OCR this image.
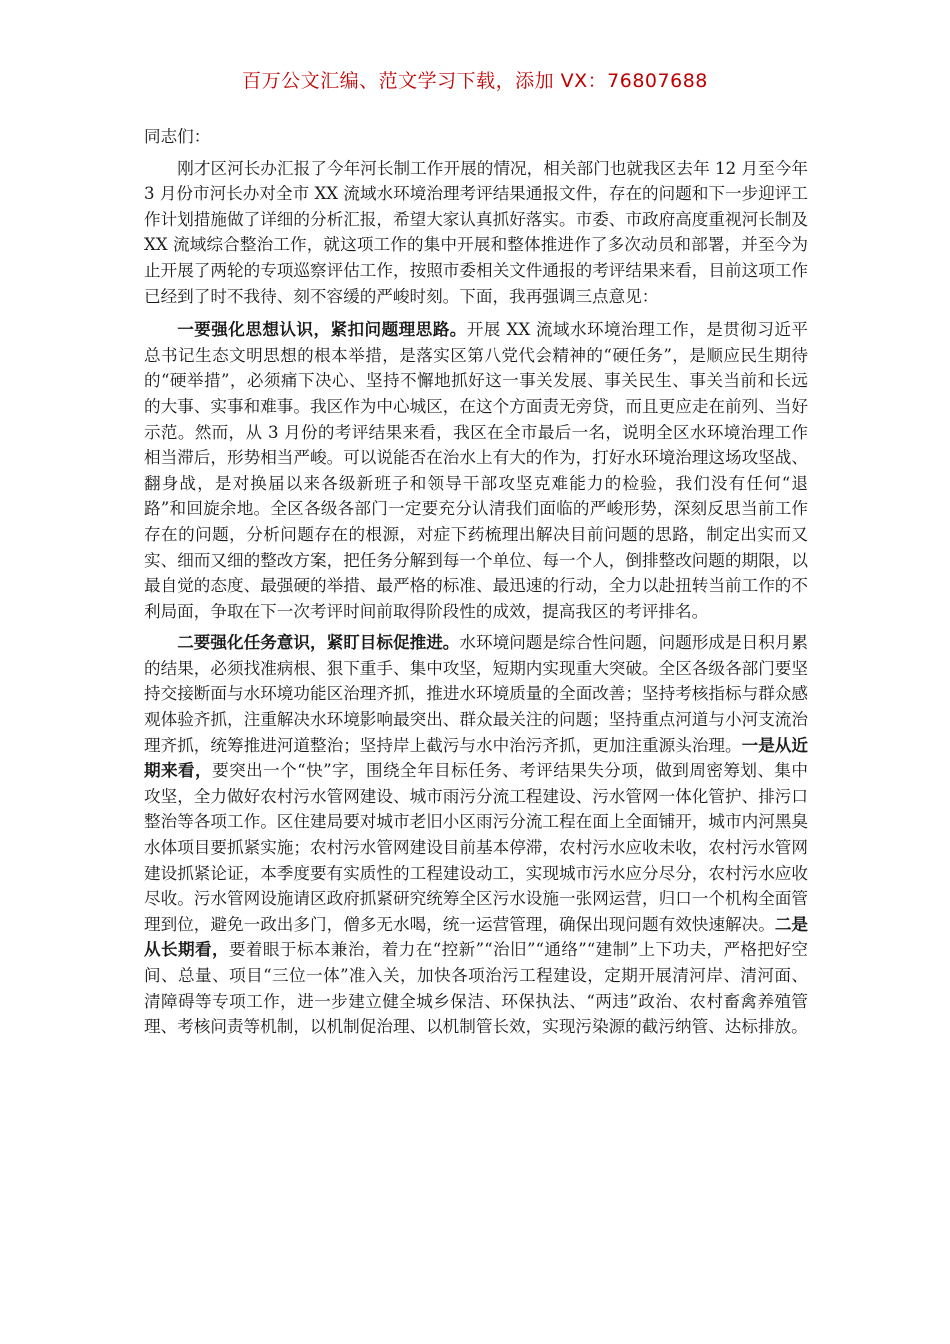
百万公文汇编、范文学习下载，添加 VX：76807688

同志们：

刚才区河长办汇报了今年河长制工作开展的情况，相关部门也就我区去年 12 月至今年 3 月份市河长办对全市 XX 流域水环境治理考评结果通报文件，存在的问题和下一步迎评工作计划措施做了详细的分析汇报，希望大家认真抓好落实。市委、市政府高度重视河长制及 XX 流域综合整治工作，就这项工作的集中开展和整体推进作了多次动员和部署，并至今为止开展了两轮的专项巡察评估工作，按照市委相关文件通报的考评结果来看，目前这项工作已经到了时不我待、刻不容缓的严峻时刻。下面，我再强调三点意见：

一要强化思想认识，紧扣问题理思路。开展 XX 流域水环境治理工作，是贯彻习近平总书记生态文明思想的根本举措，是落实区第八党代会精神的“硬任务”，是顺应民生期待的“硬举措”，必须痛下决心、坚持不懈地抓好这一事关发展、事关民生、事关当前和长远的大事、实事和难事。我区作为中心城区，在这个方面责无旁贷，而且更应走在前列、当好示范。然而，从 3 月份的考评结果来看，我区在全市最后一名，说明全区水环境治理工作相当滞后，形势相当严峻。可以说能否在治水上有大的作为，打好水环境治理这场攻坚战、翻身战，是对换届以来各级新班子和领导干部攻坚克难能力的检验，我们没有任何“退路”和回旋余地。全区各级各部门一定要充分认清我们面临的严峻形势，深刻反思当前工作存在的问题，分析问题存在的根源，对症下药梳理出解决目前问题的思路，制定出实而又实、细而又细的整改方案，把任务分解到每一个单位、每一个人，倒排整改问题的期限，以最自觉的态度、最强硬的举措、最严格的标准、最迅速的行动，全力以赴扭转当前工作的不利局面，争取在下一次考评时间前取得阶段性的成效，提高我区的考评排名。

二要强化任务意识，紧盯目标促推进。水环境问题是综合性问题，问题形成是日积月累的结果，必须找准病根、狠下重手、集中攻坚，短期内实现重大突破。全区各级各部门要坚持交接断面与水环境功能区治理齐抓，推进水环境质量的全面改善；坚持考核指标与群众感观体验齐抓，注重解决水环境影响最突出、群众最关注的问题；坚持重点河道与小河支流治理齐抓，统筹推进河道整治；坚持岸上截污与水中治污齐抓，更加注重源头治理。一是从近期来看，要突出一个“快”字，围绕全年目标任务、考评结果失分项，做到周密筹划、集中攻坚，全力做好农村污水管网建设、城市雨污分流工程建设、污水管网一体化管护、排污口整治等各项工作。区住建局要对城市老旧小区雨污分流工程在面上全面铺开，城市内河黑臭水体项目要抓紧实施；农村污水管网建设目前基本停滞，农村污水应收未收，农村污水管网建设抓紧论证，本季度要有实质性的工程建设动工，实现城市污水应分尽分，农村污水应收尽收。污水管网设施请区政府抓紧研究统筹全区污水设施一张网运营，归口一个机构全面管理到位，避免一政出多门，僧多无水喝，统一运营管理，确保出现问题有效快速解决。二是从长期看，要着眼于标本兼治，着力在“控新”“治旧”“通络”“建制”上下功夫，严格把好空间、总量、项目“三位一体”准入关，加快各项治污工程建设，定期开展清河岸、清河面、清障碍等专项工作，进一步建立健全城乡保洁、环保执法、“两违”政治、农村畜禽养殖管理、考核问责等机制，以机制促治理、以机制管长效，实现污染源的截污纳管、达标排放。
